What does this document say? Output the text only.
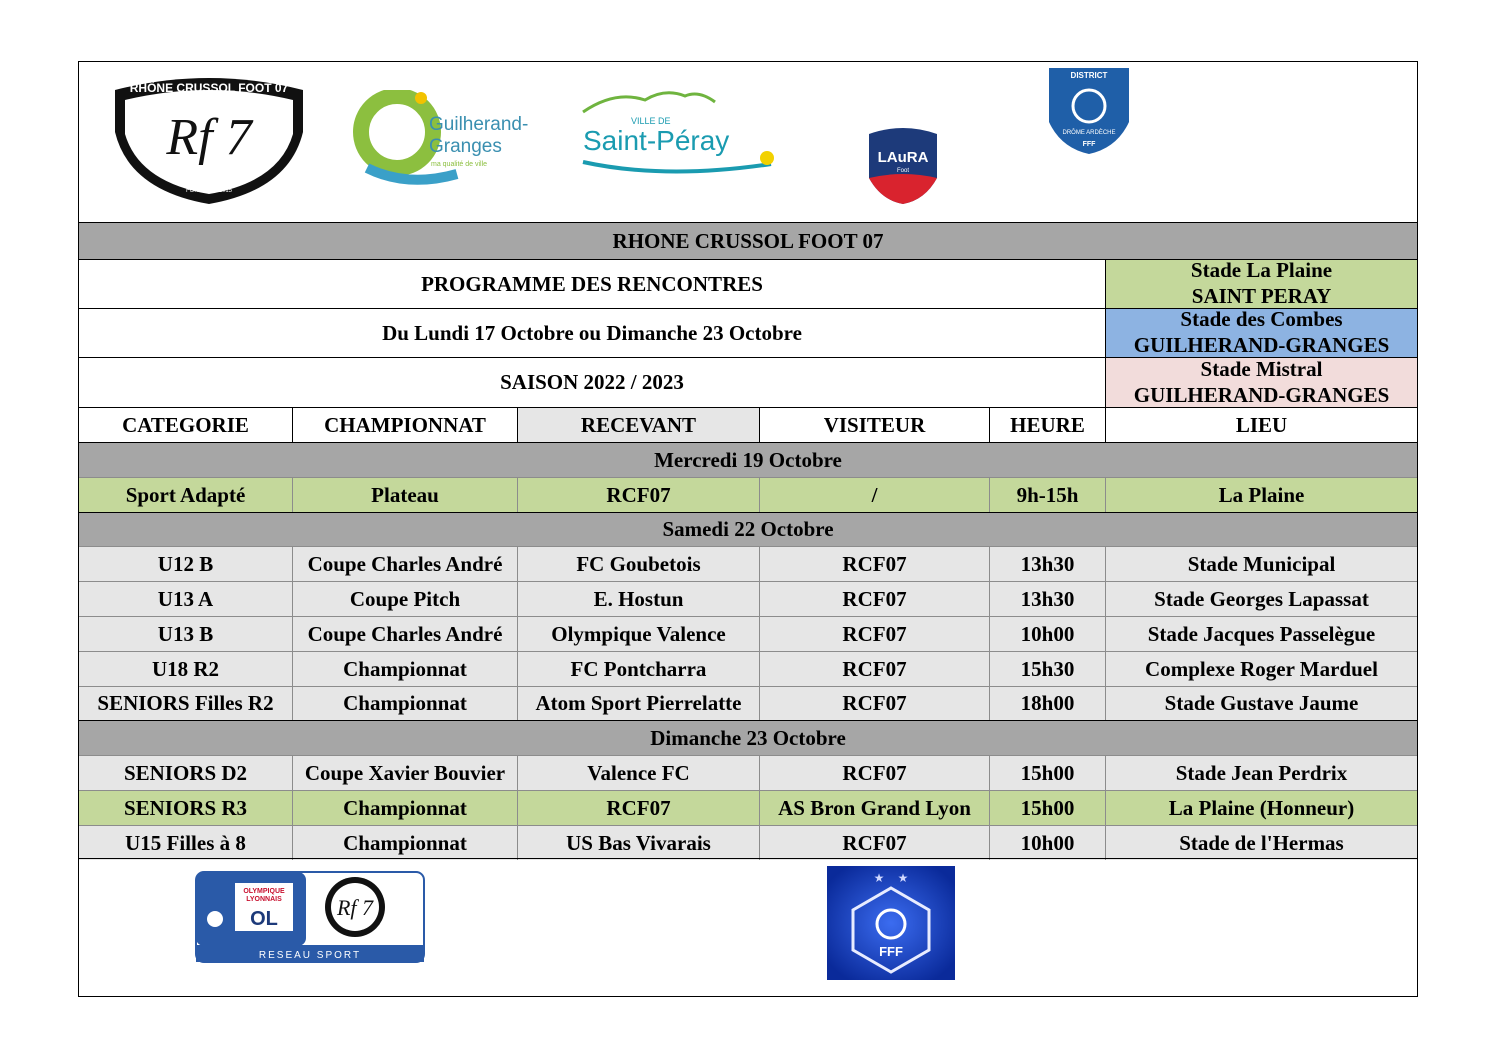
RHÔNE CRUSSOL FOOT 07
Rf 7
FONDÉ EN 2015
Guilherand-
Granges
ma qualité de ville
VILLE DE
Saint-Péray
LAuRA
Foot
DISTRICT
DRÔME ARDÈCHE
FFF
RHONE CRUSSOL FOOT 07
PROGRAMME DES RENCONTRES
Stade La Plaine
SAINT PERAY
Du Lundi 17 Octobre ou Dimanche 23 Octobre
Stade des Combes
GUILHERAND-GRANGES
SAISON 2022 / 2023
Stade Mistral
GUILHERAND-GRANGES
CATEGORIE	CHAMPIONNAT	RECEVANT	VISITEUR	HEURE	LIEU
Mercredi 19 Octobre
Sport Adapté	Plateau	RCF07	/	9h-15h	La Plaine
Samedi 22 Octobre
U12 B	Coupe Charles André	FC Goubetois	RCF07	13h30	Stade Municipal
U13 A	Coupe Pitch	E. Hostun	RCF07	13h30	Stade Georges Lapassat
U13 B	Coupe Charles André	Olympique Valence	RCF07	10h00	Stade Jacques Passelègue
U18 R2	Championnat	FC Pontcharra	RCF07	15h30	Complexe Roger Marduel
SENIORS Filles R2	Championnat	Atom Sport Pierrelatte	RCF07	18h00	Stade Gustave Jaume
Dimanche 23 Octobre
SENIORS D2	Coupe Xavier Bouvier	Valence FC	RCF07	15h00	Stade Jean Perdrix
SENIORS R3	Championnat	RCF07	AS Bron Grand Lyon	15h00	La Plaine (Honneur)
U15 Filles à 8	Championnat	US Bas Vivarais	RCF07	10h00	Stade de l'Hermas
OLYMPIQUE
LYONNAIS
OL	Rf 7
RESEAU SPORT
★ ★
FFF
